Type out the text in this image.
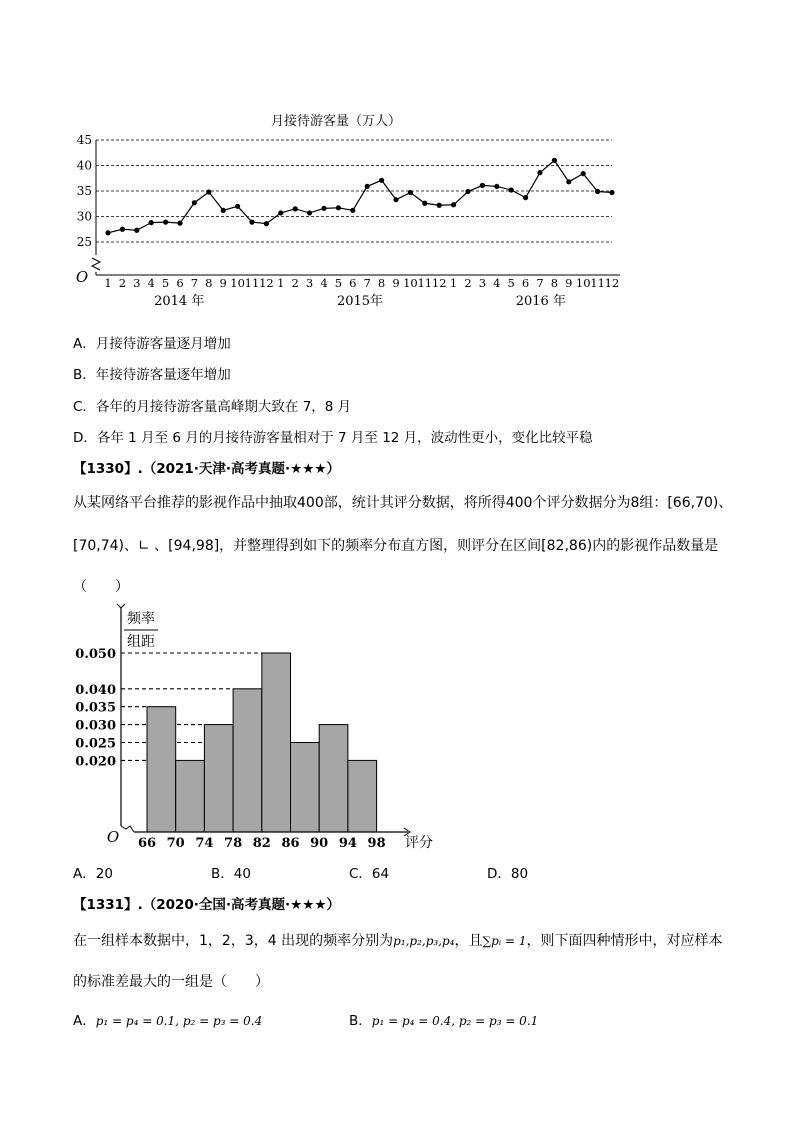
月接待游客量（万人）
25
30
35
40
45
1 2 3 4 5 6 7 8 9 10 11 12 1 2 3 4 5 6 7 8 9 10 11 12 1 2 3 4 5 6 7 8 9 10 11 12
2014 年	2015年	2016 年
O
A．月接待游客量逐月增加
B．年接待游客量逐年增加
C．各年的月接待游客量高峰期大致在 7，8 月
D．各年 1 月至 6 月的月接待游客量相对于 7 月至 12 月，波动性更小，变化比较平稳
【1330】.（2021·天津·高考真题·★★★）
从某网络平台推荐的影视作品中抽取400部，统计其评分数据，将所得400个评分数据分为8组：[66,70)、
[70,74)、∟ 、[94,98]，并整理得到如下的频率分布直方图，则评分在区间[82,86)内的影视作品数量是
（　　）
频率
组距
0.020
0.025
0.030
0.035
0.040
0.050
66 70 74 78 82 86 90 94 98 评分
O
A．20	B．40	C．64	D．80
【1331】.（2020·全国·高考真题·★★★）
在一组样本数据中，1，2，3，4 出现的频率分别为p₁,p₂,p₃,p₄，且∑pᵢ = 1，则下面四种情形中，对应样本
的标准差最大的一组是（　　）
A．p₁ = p₄ = 0.1, p₂ = p₃ = 0.4	B．p₁ = p₄ = 0.4, p₂ = p₃ = 0.1
